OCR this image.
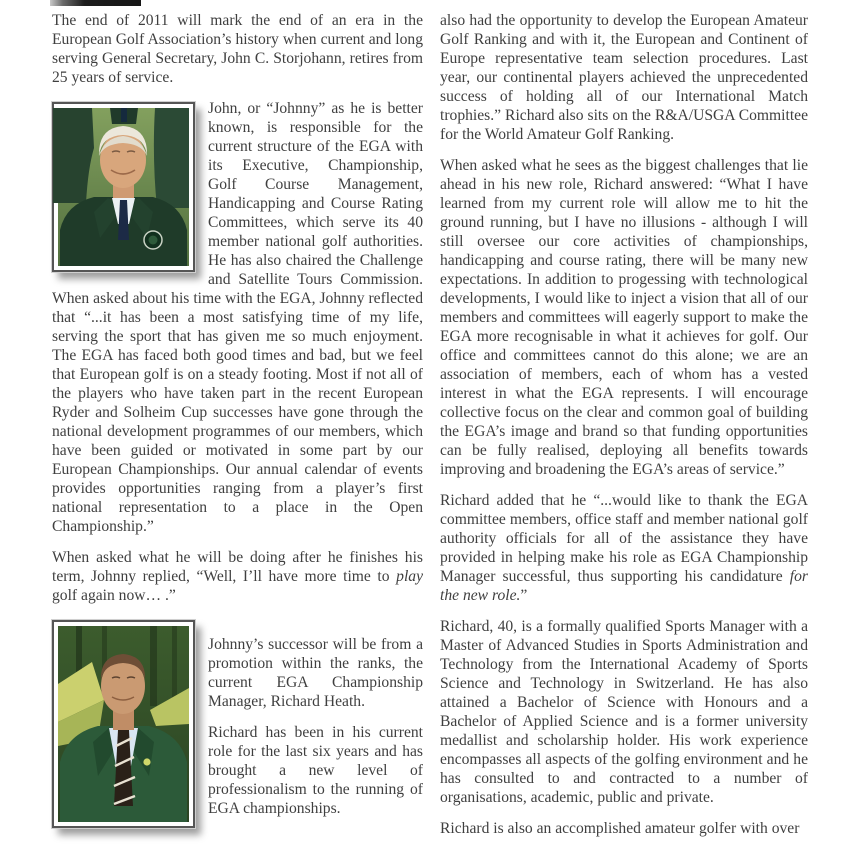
The end of 2011 will mark the end of an era in the European Golf Association’s history when current and long serving General Secretary, John C. Storjohann, retires from 25 years of service.

John, or “Johnny” as he is better known, is responsible for the current structure of the EGA with its Executive, Championship, Golf Course Management, Handicapping and Course Rating Committees, which serve its 40 member national golf authorities. He has also chaired the Challenge and Satellite Tours Commission. When asked about his time with the EGA, Johnny reflected that “...it has been a most satisfying time of my life, serving the sport that has given me so much enjoyment. The EGA has faced both good times and bad, but we feel that European golf is on a steady footing. Most if not all of the players who have taken part in the recent European Ryder and Solheim Cup successes have gone through the national development programmes of our members, which have been guided or motivated in some part by our European Championships. Our annual calendar of events provides opportunities ranging from a player’s first national representation to a place in the Open Championship.”

When asked what he will be doing after he finishes his term, Johnny replied, “Well, I’ll have more time to play golf again now… .”

Johnny’s successor will be from a promotion within the ranks, the current EGA Championship Manager, Richard Heath.

Richard has been in his current role for the last six years and has brought a new level of professionalism to the running of EGA championships.

also had the opportunity to develop the European Amateur Golf Ranking and with it, the European and Continent of Europe representative team selection procedures. Last year, our continental players achieved the unprecedented success of holding all of our International Match trophies.” Richard also sits on the R&A/USGA Committee for the World Amateur Golf Ranking.

When asked what he sees as the biggest challenges that lie ahead in his new role, Richard answered: “What I have learned from my current role will allow me to hit the ground running, but I have no illusions - although I will still oversee our core activities of championships, handicapping and course rating, there will be many new expectations. In addition to progessing with technological developments, I would like to inject a vision that all of our members and committees will eagerly support to make the EGA more recognisable in what it achieves for golf. Our office and committees cannot do this alone; we are an association of members, each of whom has a vested interest in what the EGA represents. I will encourage collective focus on the clear and common goal of building the EGA’s image and brand so that funding opportunities can be fully realised, deploying all benefits towards improving and broadening the EGA’s areas of service.”

Richard added that he “...would like to thank the EGA committee members, office staff and member national golf authority officials for all of the assistance they have provided in helping make his role as EGA Championship Manager successful, thus supporting his candidature for the new role.”

Richard, 40, is a formally qualified Sports Manager with a Master of Advanced Studies in Sports Administration and Technology from the International Academy of Sports Science and Technology in Switzerland. He has also attained a Bachelor of Science with Honours and a Bachelor of Applied Science and is a former university medallist and scholarship holder. His work experience encompasses all aspects of the golfing environment and he has consulted to and contracted to a number of organisations, academic, public and private.

Richard is also an accomplished amateur golfer with over
